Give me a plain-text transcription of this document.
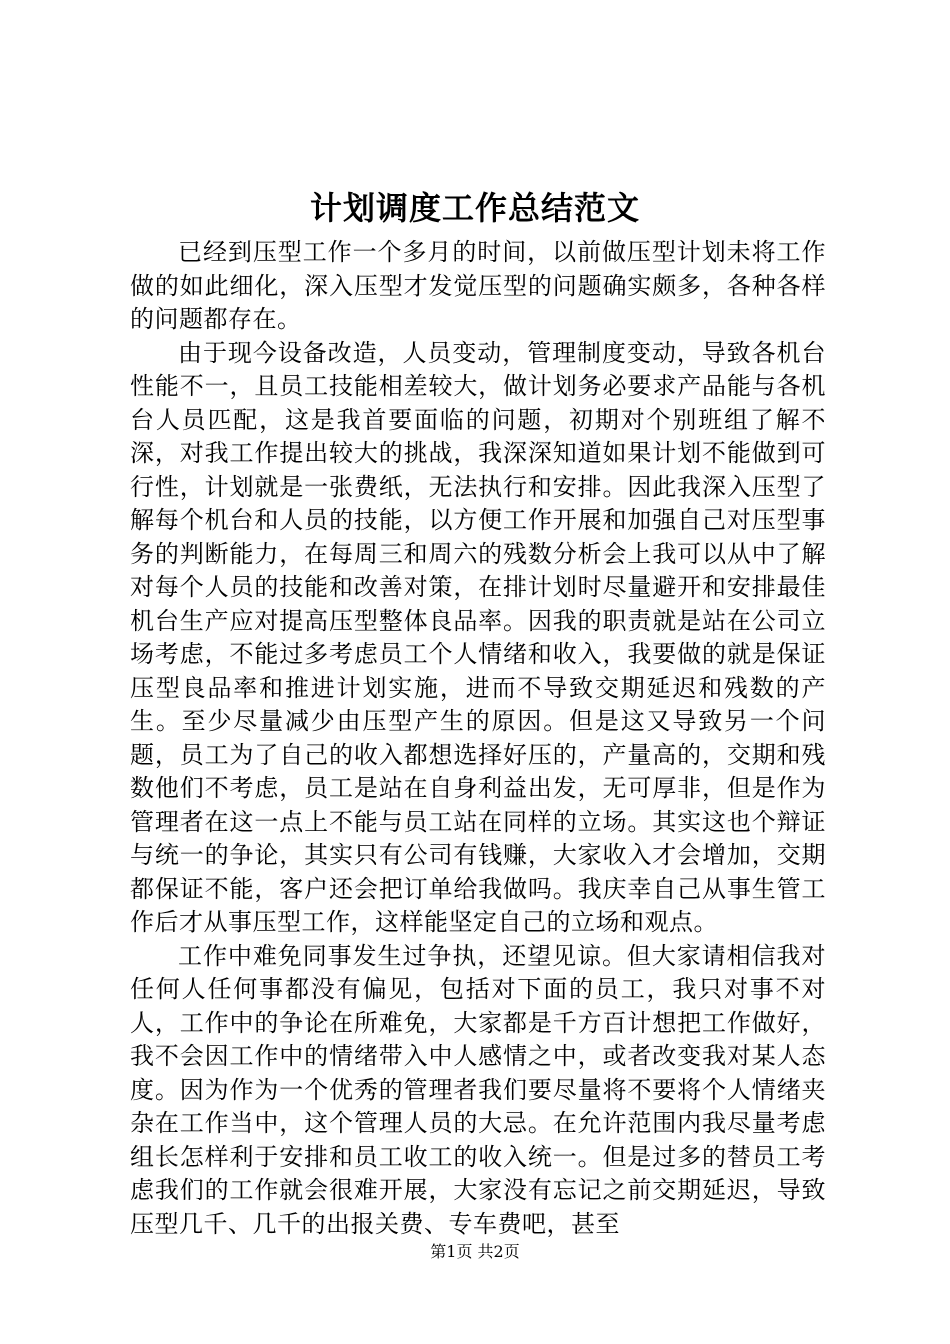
计划调度工作总结范文

已经到压型工作一个多月的时间，以前做压型计划未将工作做的如此细化，深入压型才发觉压型的问题确实颇多，各种各样的问题都存在。

由于现今设备改造，人员变动，管理制度变动，导致各机台性能不一，且员工技能相差较大，做计划务必要求产品能与各机台人员匹配，这是我首要面临的问题，初期对个别班组了解不深，对我工作提出较大的挑战，我深深知道如果计划不能做到可行性，计划就是一张费纸，无法执行和安排。因此我深入压型了解每个机台和人员的技能，以方便工作开展和加强自己对压型事务的判断能力，在每周三和周六的残数分析会上我可以从中了解对每个人员的技能和改善对策，在排计划时尽量避开和安排最佳机台生产应对提高压型整体良品率。因我的职责就是站在公司立场考虑，不能过多考虑员工个人情绪和收入，我要做的就是保证压型良品率和推进计划实施，进而不导致交期延迟和残数的产生。至少尽量减少由压型产生的原因。但是这又导致另一个问题，员工为了自己的收入都想选择好压的，产量高的，交期和残数他们不考虑，员工是站在自身利益出发，无可厚非，但是作为管理者在这一点上不能与员工站在同样的立场。其实这也个辩证与统一的争论，其实只有公司有钱赚，大家收入才会增加，交期都保证不能，客户还会把订单给我做吗。我庆幸自己从事生管工作后才从事压型工作，这样能坚定自己的立场和观点。

工作中难免同事发生过争执，还望见谅。但大家请相信我对任何人任何事都没有偏见，包括对下面的员工，我只对事不对人，工作中的争论在所难免，大家都是千方百计想把工作做好，我不会因工作中的情绪带入中人感情之中，或者改变我对某人态度。因为作为一个优秀的管理者我们要尽量将不要将个人情绪夹杂在工作当中，这个管理人员的大忌。在允许范围内我尽量考虑组长怎样利于安排和员工收工的收入统一。但是过多的替员工考虑我们的工作就会很难开展，大家没有忘记之前交期延迟，导致压型几千、几千的出报关费、专车费吧，甚至

第1页 共2页
